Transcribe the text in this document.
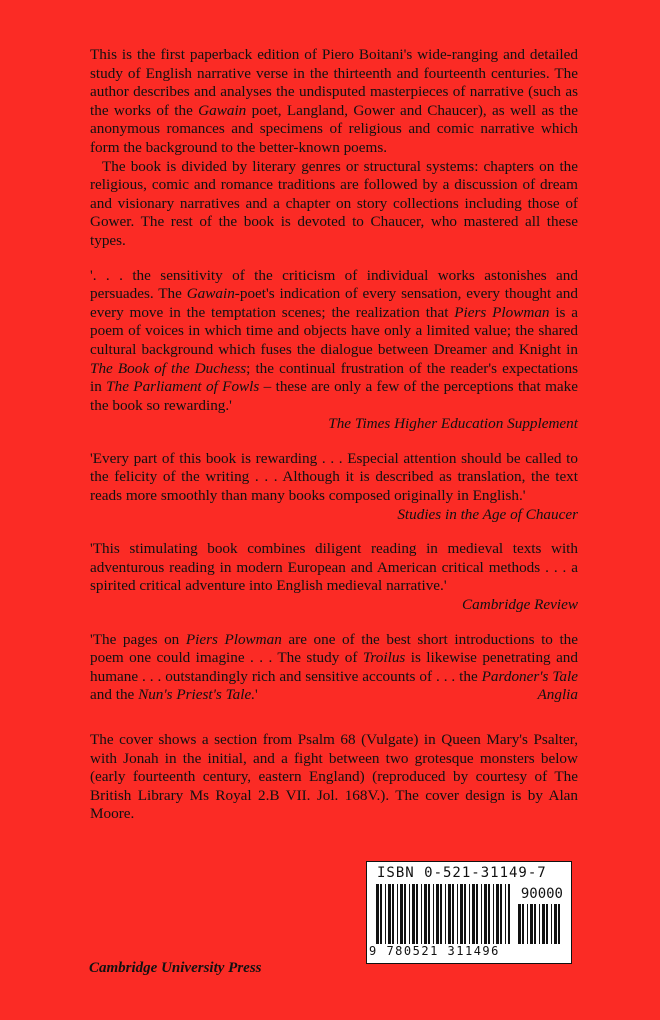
This is the first paperback edition of Piero Boitani's wide-ranging and detailed study of English narrative verse in the thirteenth and fourteenth centuries. The author describes and analyses the undisputed masterpieces of narrative (such as the works of the Gawain poet, Langland, Gower and Chaucer), as well as the anonymous romances and specimens of religious and comic narrative which form the background to the better-known poems.

The book is divided by literary genres or structural systems: chapters on the religious, comic and romance traditions are followed by a discussion of dream and visionary narratives and a chapter on story collections including those of Gower. The rest of the book is devoted to Chaucer, who mastered all these types.

'. . . the sensitivity of the criticism of individual works astonishes and persuades. The Gawain-poet's indication of every sensation, every thought and every move in the temptation scenes; the realization that Piers Plowman is a poem of voices in which time and objects have only a limited value; the shared cultural background which fuses the dialogue between Dreamer and Knight in The Book of the Duchess; the continual frustration of the reader's expectations in The Parliament of Fowls – these are only a few of the perceptions that make the book so rewarding.'
The Times Higher Education Supplement

'Every part of this book is rewarding . . . Especial attention should be called to the felicity of the writing . . . Although it is described as translation, the text reads more smoothly than many books composed originally in English.'
Studies in the Age of Chaucer

'This stimulating book combines diligent reading in medieval texts with adventurous reading in modern European and American critical methods . . . a spirited critical adventure into English medieval narrative.'
Cambridge Review

'The pages on Piers Plowman are one of the best short introductions to the poem one could imagine . . . The study of Troilus is likewise penetrating and humane . . . outstandingly rich and sensitive accounts of . . . the Pardoner's Tale and the Nun's Priest's Tale.'	Anglia

The cover shows a section from Psalm 68 (Vulgate) in Queen Mary's Psalter, with Jonah in the initial, and a fight between two grotesque monsters below (early fourteenth century, eastern England) (reproduced by courtesy of The British Library Ms Royal 2.B VII. Jol. 168V.). The cover design is by Alan Moore.

ISBN 0-521-31149-7
90000
9 780521 311496
Cambridge University Press
